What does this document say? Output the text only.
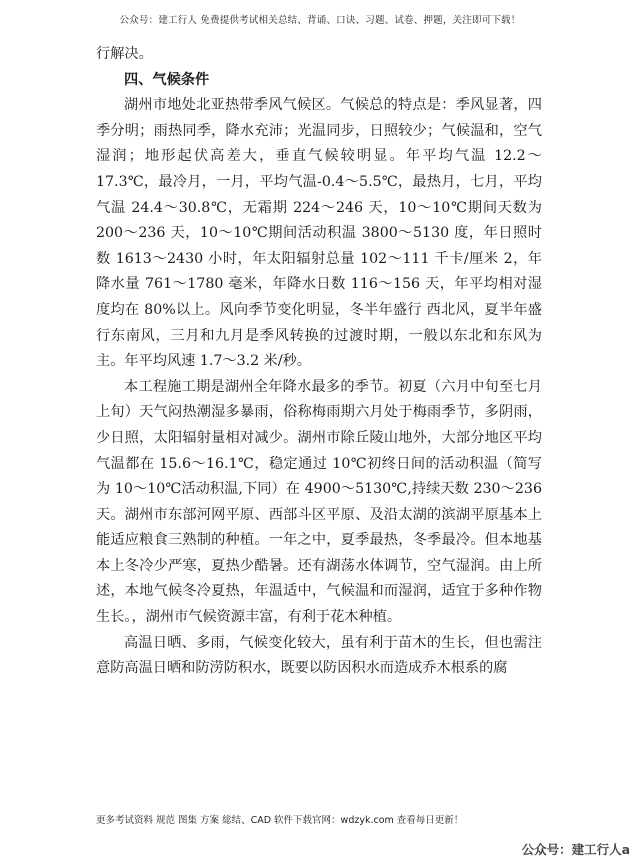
公众号：建工行人 免费提供考试相关总结、背诵、口诀、习题、试卷、押题，关注即可下载！

行解决。

四、气候条件

湖州市地处北亚热带季风气候区。气候总的特点是：季风显著，四季分明；雨热同季，降水充沛；光温同步，日照较少；气候温和，空气湿润；地形起伏高差大，垂直气候较明显。年平均气温 12.2～17.3℃，最冷月，一月，平均气温-0.4～5.5℃，最热月，七月，平均气温 24.4～30.8℃，无霜期 224～246 天，10～10℃期间天数为 200～236 天，10～10℃期间活动积温 3800～5130 度，年日照时数 1613～2430 小时，年太阳辐射总量 102～111 千卡/厘米 2，年降水量 761～1780 毫米，年降水日数 116～156 天，年平均相对湿度均在 80%以上。风向季节变化明显，冬半年盛行 西北风，夏半年盛行东南风，三月和九月是季风转换的过渡时期，一般以东北和东风为主。年平均风速 1.7～3.2 米/秒。

本工程施工期是湖州全年降水最多的季节。初夏（六月中旬至七月上旬）天气闷热潮湿多暴雨，俗称梅雨期六月处于梅雨季节，多阴雨，少日照，太阳辐射量相对减少。湖州市除丘陵山地外，大部分地区平均气温都在 15.6～16.1℃，稳定通过 10℃初终日间的活动积温（简写为 10～10℃活动积温,下同）在 4900～5130℃,持续天数 230～236 天。湖州市东部河网平原、西部斗区平原、及沿太湖的滨湖平原基本上能适应粮食三熟制的种植。一年之中，夏季最热，冬季最冷。但本地基本上冬冷少严寒，夏热少酷暑。还有湖荡水体调节，空气湿润。由上所述，本地气候冬冷夏热，年温适中，气候温和而湿润，适宜于多种作物生长。，湖州市气候资源丰富，有利于花木种植。

高温日晒、多雨，气候变化较大，虽有利于苗木的生长，但也需注意防高温日晒和防涝防积水，既要以防因积水而造成乔木根系的腐

更多考试资料 规范 图集 方案 総结、CAD 软件下载官网：wdzyk.com 查看每日更新！
公众号：建工行人a
